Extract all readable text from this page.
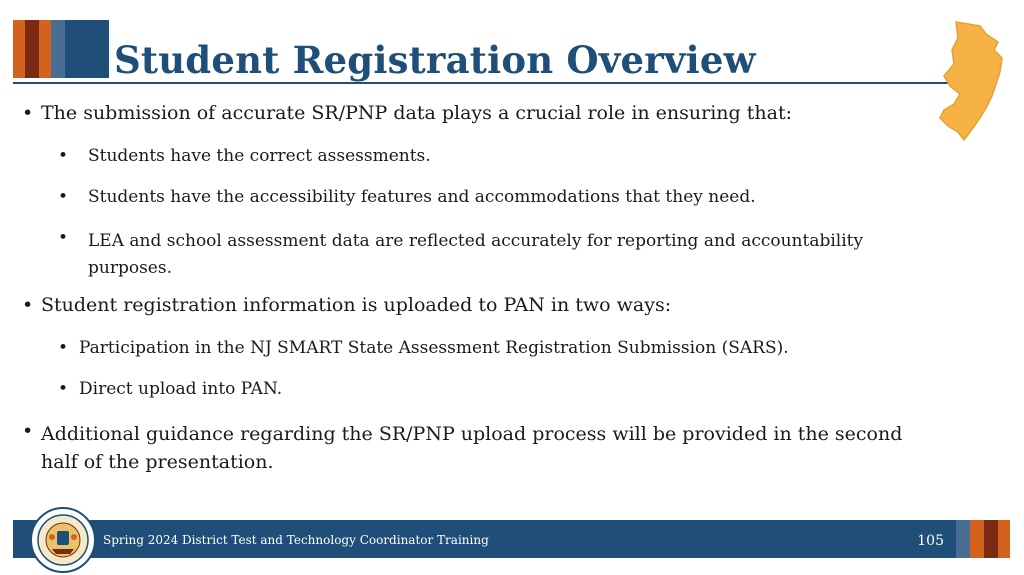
Student Registration Overview
• The submission of accurate SR/PNP data plays a crucial role in ensuring that:
• Students have the correct assessments.
• Students have the accessibility features and accommodations that they need.
• LEA and school assessment data are reflected accurately for reporting and accountability purposes.
• Student registration information is uploaded to PAN in two ways:
• Participation in the NJ SMART State Assessment Registration Submission (SARS).
• Direct upload into PAN.
• Additional guidance regarding the SR/PNP upload process will be provided in the second half of the presentation.
Spring 2024 District Test and Technology Coordinator Training	105
